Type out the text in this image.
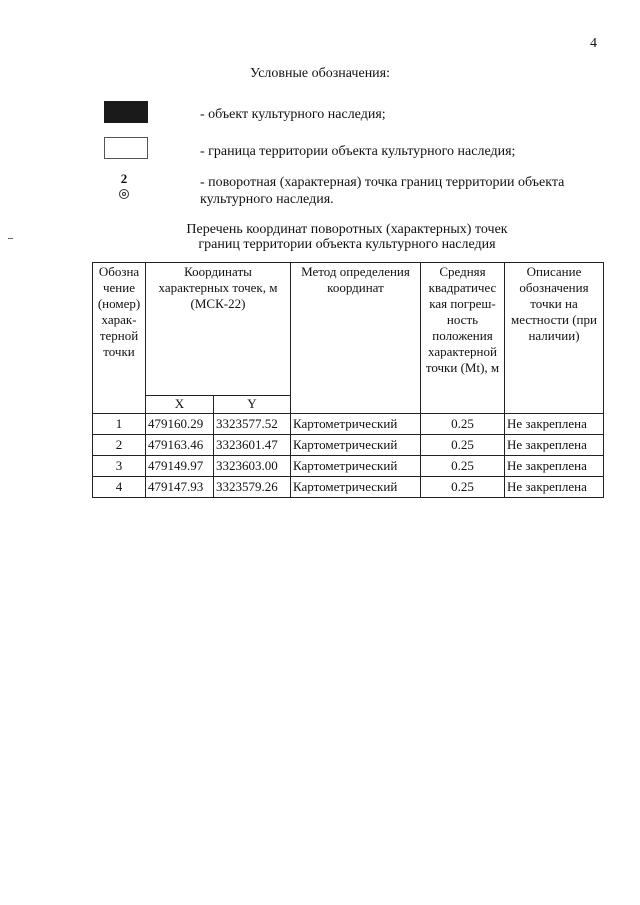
4
Условные обозначения:
- объект культурного наследия;
- граница территории объекта культурного наследия;
2	- поворотная (характерная) точка границ территории объекта культурного наследия.
Перечень координат поворотных (характерных) точек
границ территории объекта культурного наследия
Обозна чение (номер) харак-терной точки	Координаты характерных точек, м (МСК-22)		Метод определения координат	Средняя квадратичес кая погреш-ность положения характерной точки (Mt), м	Описание обозначения точки на местности (при наличии)
	X	Y			
1	479160.29	3323577.52	Картометрический	0.25	Не закреплена
2	479163.46	3323601.47	Картометрический	0.25	Не закреплена
3	479149.97	3323603.00	Картометрический	0.25	Не закреплена
4	479147.93	3323579.26	Картометрический	0.25	Не закреплена
